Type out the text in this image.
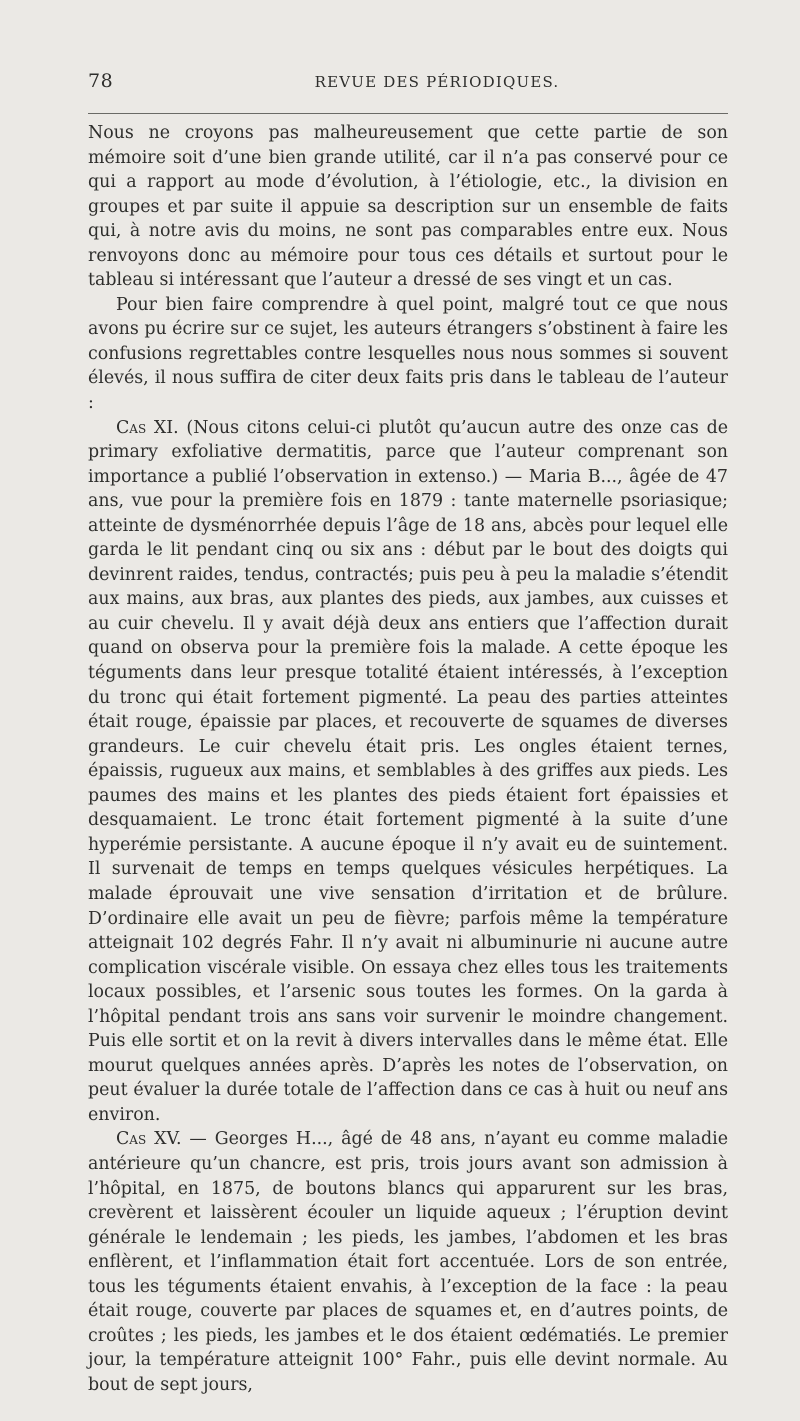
78	REVUE DES PÉRIODIQUES.

Nous ne croyons pas malheureusement que cette partie de son mémoire soit d’une bien grande utilité, car il n’a pas conservé pour ce qui a rapport au mode d’évolution, à l’étiologie, etc., la division en groupes et par suite il appuie sa description sur un ensemble de faits qui, à notre avis du moins, ne sont pas comparables entre eux. Nous renvoyons donc au mémoire pour tous ces détails et surtout pour le tableau si intéressant que l’auteur a dressé de ses vingt et un cas.

Pour bien faire comprendre à quel point, malgré tout ce que nous avons pu écrire sur ce sujet, les auteurs étrangers s’obstinent à faire les confusions regrettables contre lesquelles nous nous sommes si souvent élevés, il nous suffira de citer deux faits pris dans le tableau de l’auteur :

Cas XI. (Nous citons celui-ci plutôt qu’aucun autre des onze cas de primary exfoliative dermatitis, parce que l’auteur comprenant son importance a publié l’observation in extenso.) — Maria B..., âgée de 47 ans, vue pour la première fois en 1879 : tante maternelle psoriasique; atteinte de dysménorrhée depuis l’âge de 18 ans, abcès pour lequel elle garda le lit pendant cinq ou six ans : début par le bout des doigts qui devinrent raides, tendus, contractés; puis peu à peu la maladie s’étendit aux mains, aux bras, aux plantes des pieds, aux jambes, aux cuisses et au cuir chevelu. Il y avait déjà deux ans entiers que l’affection durait quand on observa pour la première fois la malade. A cette époque les téguments dans leur presque totalité étaient intéressés, à l’exception du tronc qui était fortement pigmenté. La peau des parties atteintes était rouge, épaissie par places, et recouverte de squames de diverses grandeurs. Le cuir chevelu était pris. Les ongles étaient ternes, épaissis, rugueux aux mains, et semblables à des griffes aux pieds. Les paumes des mains et les plantes des pieds étaient fort épaissies et desquamaient. Le tronc était fortement pigmenté à la suite d’une hyperémie persistante. A aucune époque il n’y avait eu de suintement. Il survenait de temps en temps quelques vésicules herpétiques. La malade éprouvait une vive sensation d’irritation et de brûlure. D’ordinaire elle avait un peu de fièvre; parfois même la température atteignait 102 degrés Fahr. Il n’y avait ni albuminurie ni aucune autre complication viscérale visible. On essaya chez elles tous les traitements locaux possibles, et l’arsenic sous toutes les formes. On la garda à l’hôpital pendant trois ans sans voir survenir le moindre changement. Puis elle sortit et on la revit à divers intervalles dans le même état. Elle mourut quelques années après. D’après les notes de l’observation, on peut évaluer la durée totale de l’affection dans ce cas à huit ou neuf ans environ.

Cas XV. — Georges H..., âgé de 48 ans, n’ayant eu comme maladie antérieure qu’un chancre, est pris, trois jours avant son admission à l’hôpital, en 1875, de boutons blancs qui apparurent sur les bras, crevèrent et laissèrent écouler un liquide aqueux ; l’éruption devint générale le lendemain ; les pieds, les jambes, l’abdomen et les bras enflèrent, et l’inflammation était fort accentuée. Lors de son entrée, tous les téguments étaient envahis, à l’exception de la face : la peau était rouge, couverte par places de squames et, en d’autres points, de croûtes ; les pieds, les jambes et le dos étaient œdématiés. Le premier jour, la température atteignit 100° Fahr., puis elle devint normale. Au bout de sept jours,
